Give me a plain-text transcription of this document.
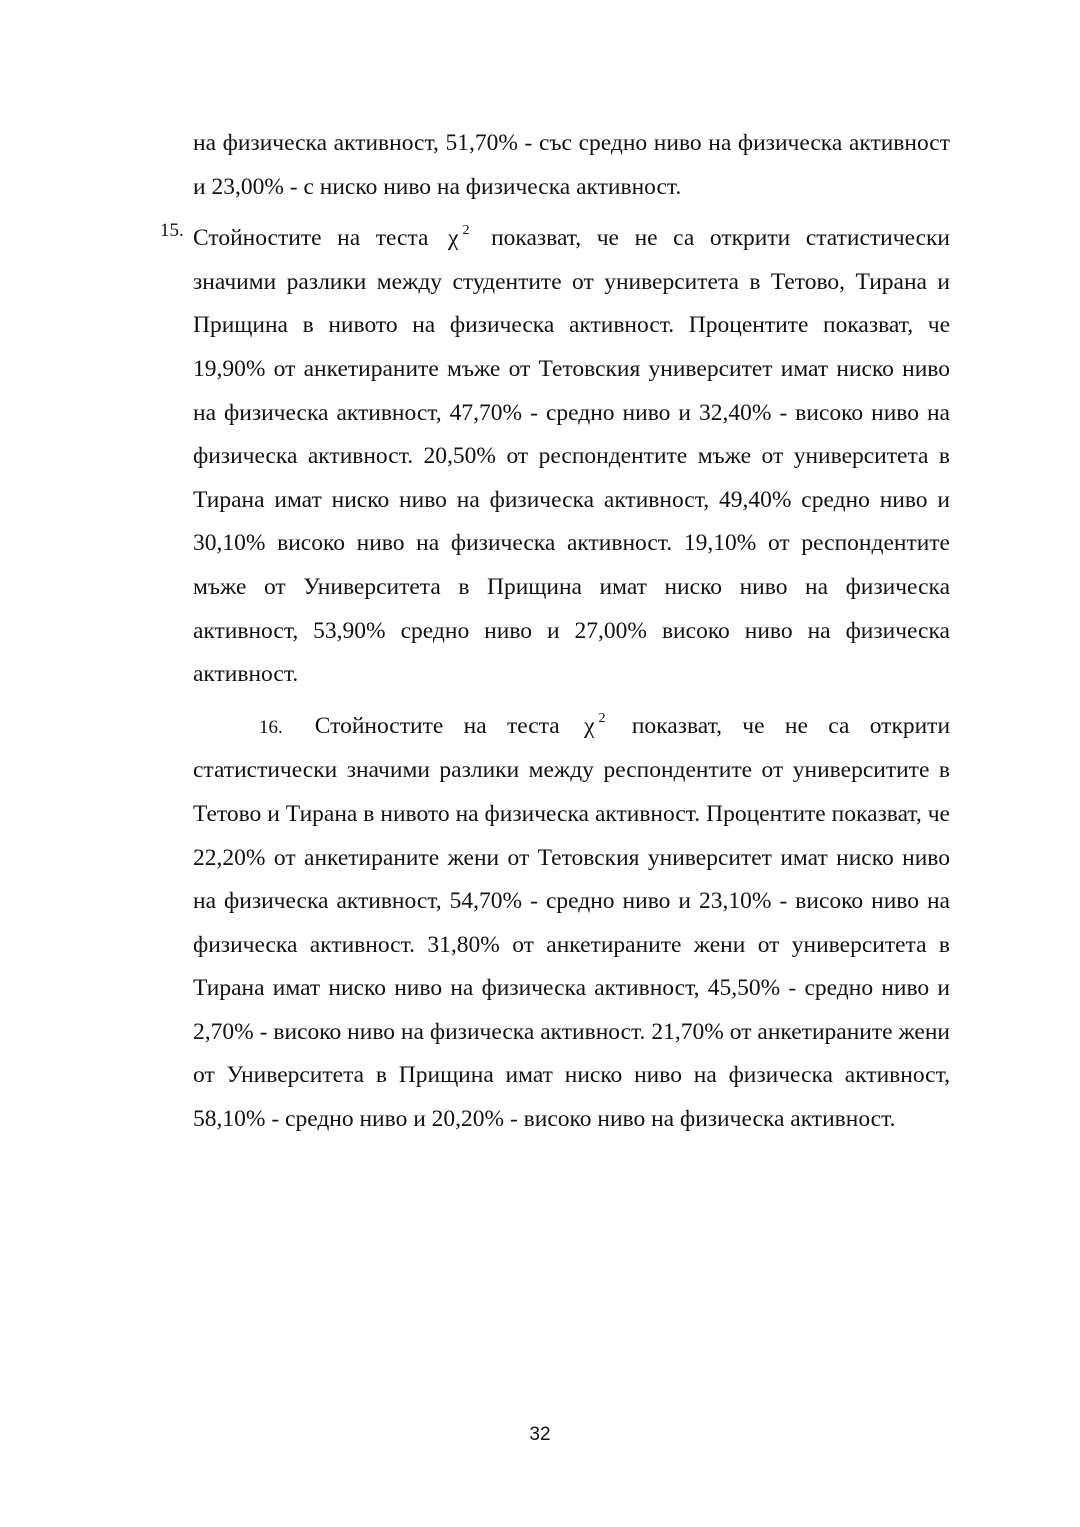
на физическа активност, 51,70% - със средно ниво на физическа активност и 23,00% - с ниско ниво на физическа активност.

15. Стойностите на теста χ $^2$ показват, че не са открити статистически значими разлики между студентите от университета в Тетово, Тирана и Прищина в нивото на физическа активност. Процентите показват, че 19,90% от анкетираните мъже от Тетовския университет имат ниско ниво на физическа активност, 47,70% - средно ниво и 32,40% - високо ниво на физическа активност. 20,50% от респондентите мъже от университета в Тирана имат ниско ниво на физическа активност, 49,40% средно ниво и 30,10% високо ниво на физическа активност. 19,10% от респондентите мъже от Университета в Прищина имат ниско ниво на физическа активност, 53,90% средно ниво и 27,00% високо ниво на физическа активност.

16. Стойностите на теста χ $^2$ показват, че не са открити статистически значими разлики между респондентите от университите в Тетово и Тирана в нивото на физическа активност. Процентите показват, че 22,20% от анкетираните жени от Тетовския университет имат ниско ниво на физическа активност, 54,70% - средно ниво и 23,10% - високо ниво на физическа активност. 31,80% от анкетираните жени от университета в Тирана имат ниско ниво на физическа активност, 45,50% - средно ниво и 2,70% - високо ниво на физическа активност. 21,70% от анкетираните жени от Университета в Прищина имат ниско ниво на физическа активност, 58,10% - средно ниво и 20,20% - високо ниво на физическа активност.

32
